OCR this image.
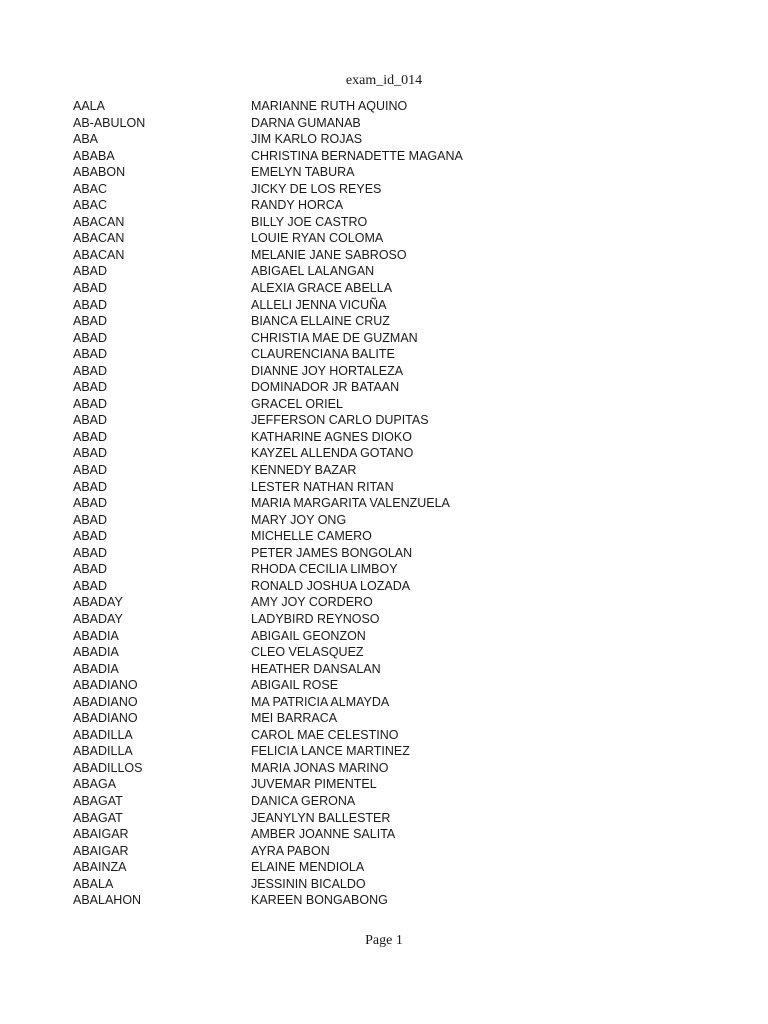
exam_id_014
AALA	MARIANNE RUTH AQUINO
AB-ABULON	DARNA GUMANAB
ABA	JIM KARLO ROJAS
ABABA	CHRISTINA BERNADETTE MAGANA
ABABON	EMELYN TABURA
ABAC	JICKY DE LOS REYES
ABAC	RANDY HORCA
ABACAN	BILLY JOE CASTRO
ABACAN	LOUIE RYAN COLOMA
ABACAN	MELANIE JANE SABROSO
ABAD	ABIGAEL LALANGAN
ABAD	ALEXIA GRACE ABELLA
ABAD	ALLELI JENNA VICUÑA
ABAD	BIANCA ELLAINE CRUZ
ABAD	CHRISTIA MAE DE GUZMAN
ABAD	CLAURENCIANA BALITE
ABAD	DIANNE JOY HORTALEZA
ABAD	DOMINADOR JR BATAAN
ABAD	GRACEL ORIEL
ABAD	JEFFERSON CARLO DUPITAS
ABAD	KATHARINE AGNES DIOKO
ABAD	KAYZEL ALLENDA GOTANO
ABAD	KENNEDY BAZAR
ABAD	LESTER NATHAN RITAN
ABAD	MARIA MARGARITA VALENZUELA
ABAD	MARY JOY ONG
ABAD	MICHELLE CAMERO
ABAD	PETER JAMES BONGOLAN
ABAD	RHODA CECILIA LIMBOY
ABAD	RONALD JOSHUA LOZADA
ABADAY	AMY JOY CORDERO
ABADAY	LADYBIRD REYNOSO
ABADIA	ABIGAIL GEONZON
ABADIA	CLEO VELASQUEZ
ABADIA	HEATHER DANSALAN
ABADIANO	ABIGAIL ROSE
ABADIANO	MA PATRICIA ALMAYDA
ABADIANO	MEI BARRACA
ABADILLA	CAROL MAE CELESTINO
ABADILLA	FELICIA LANCE MARTINEZ
ABADILLOS	MARIA JONAS MARINO
ABAGA	JUVEMAR PIMENTEL
ABAGAT	DANICA GERONA
ABAGAT	JEANYLYN BALLESTER
ABAIGAR	AMBER JOANNE SALITA
ABAIGAR	AYRA PABON
ABAINZA	ELAINE MENDIOLA
ABALA	JESSININ BICALDO
ABALAHON	KAREEN BONGABONG
Page 1
